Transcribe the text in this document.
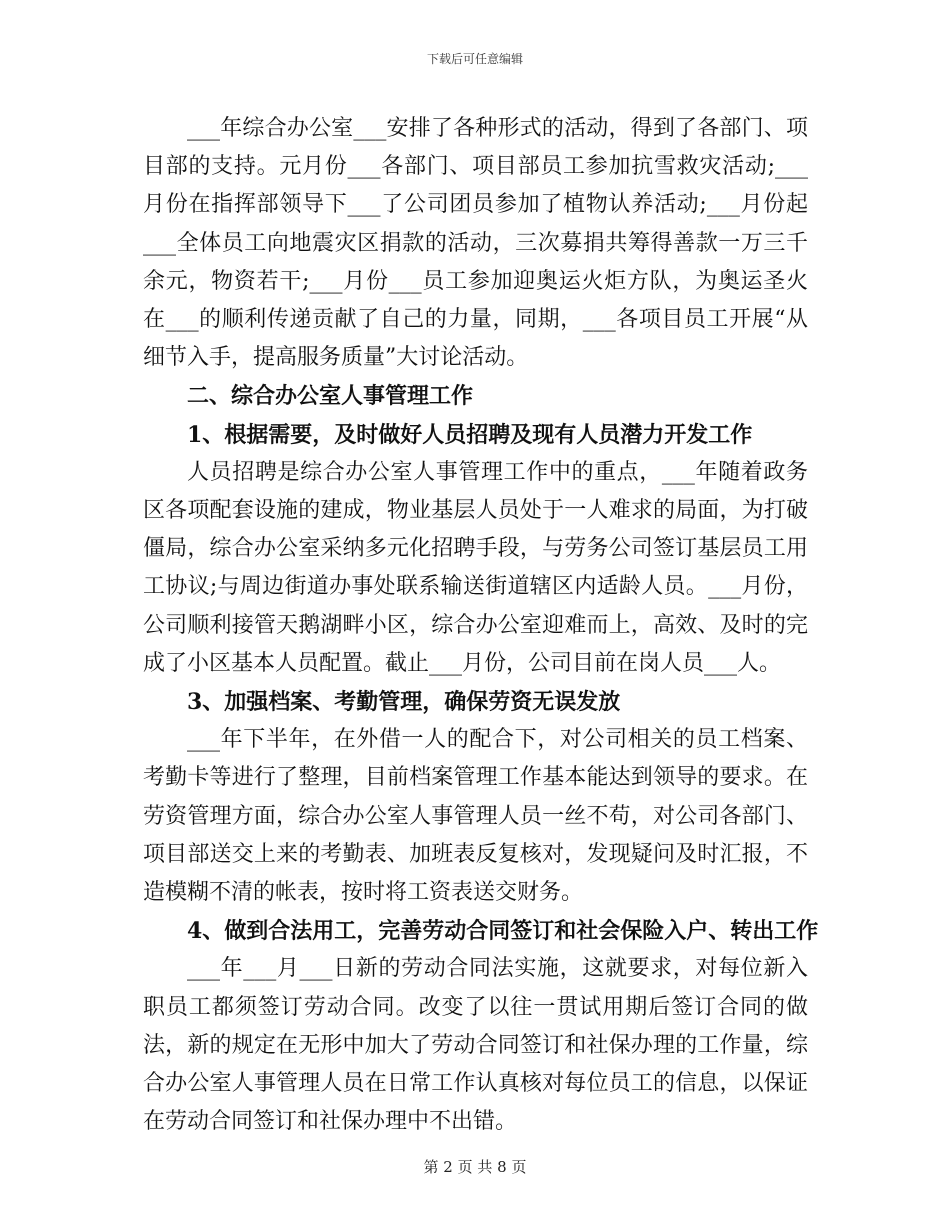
下载后可任意编辑

___年综合办公室___安排了各种形式的活动，得到了各部门、项目部的支持。元月份___各部门、项目部员工参加抗雪救灾活动;___月份在指挥部领导下___了公司团员参加了植物认养活动;___月份起___全体员工向地震灾区捐款的活动，三次募捐共筹得善款一万三千余元，物资若干;___月份___员工参加迎奥运火炬方队，为奥运圣火在___的顺利传递贡献了自己的力量，同期，___各项目员工开展“从细节入手，提高服务质量”大讨论活动。

二、综合办公室人事管理工作

1、根据需要，及时做好人员招聘及现有人员潜力开发工作

人员招聘是综合办公室人事管理工作中的重点，___年随着政务区各项配套设施的建成，物业基层人员处于一人难求的局面，为打破僵局，综合办公室采纳多元化招聘手段，与劳务公司签订基层员工用工协议;与周边街道办事处联系输送街道辖区内适龄人员。___月份，公司顺利接管天鹅湖畔小区，综合办公室迎难而上，高效、及时的完成了小区基本人员配置。截止___月份，公司目前在岗人员___人。

3、加强档案、考勤管理，确保劳资无误发放

___年下半年，在外借一人的配合下，对公司相关的员工档案、考勤卡等进行了整理，目前档案管理工作基本能达到领导的要求。在劳资管理方面，综合办公室人事管理人员一丝不苟，对公司各部门、项目部送交上来的考勤表、加班表反复核对，发现疑问及时汇报，不造模糊不清的帐表，按时将工资表送交财务。

4、做到合法用工，完善劳动合同签订和社会保险入户、转出工作

___年___月___日新的劳动合同法实施，这就要求，对每位新入职员工都须签订劳动合同。改变了以往一贯试用期后签订合同的做法，新的规定在无形中加大了劳动合同签订和社保办理的工作量，综合办公室人事管理人员在日常工作认真核对每位员工的信息，以保证在劳动合同签订和社保办理中不出错。

第 2 页 共 8 页
